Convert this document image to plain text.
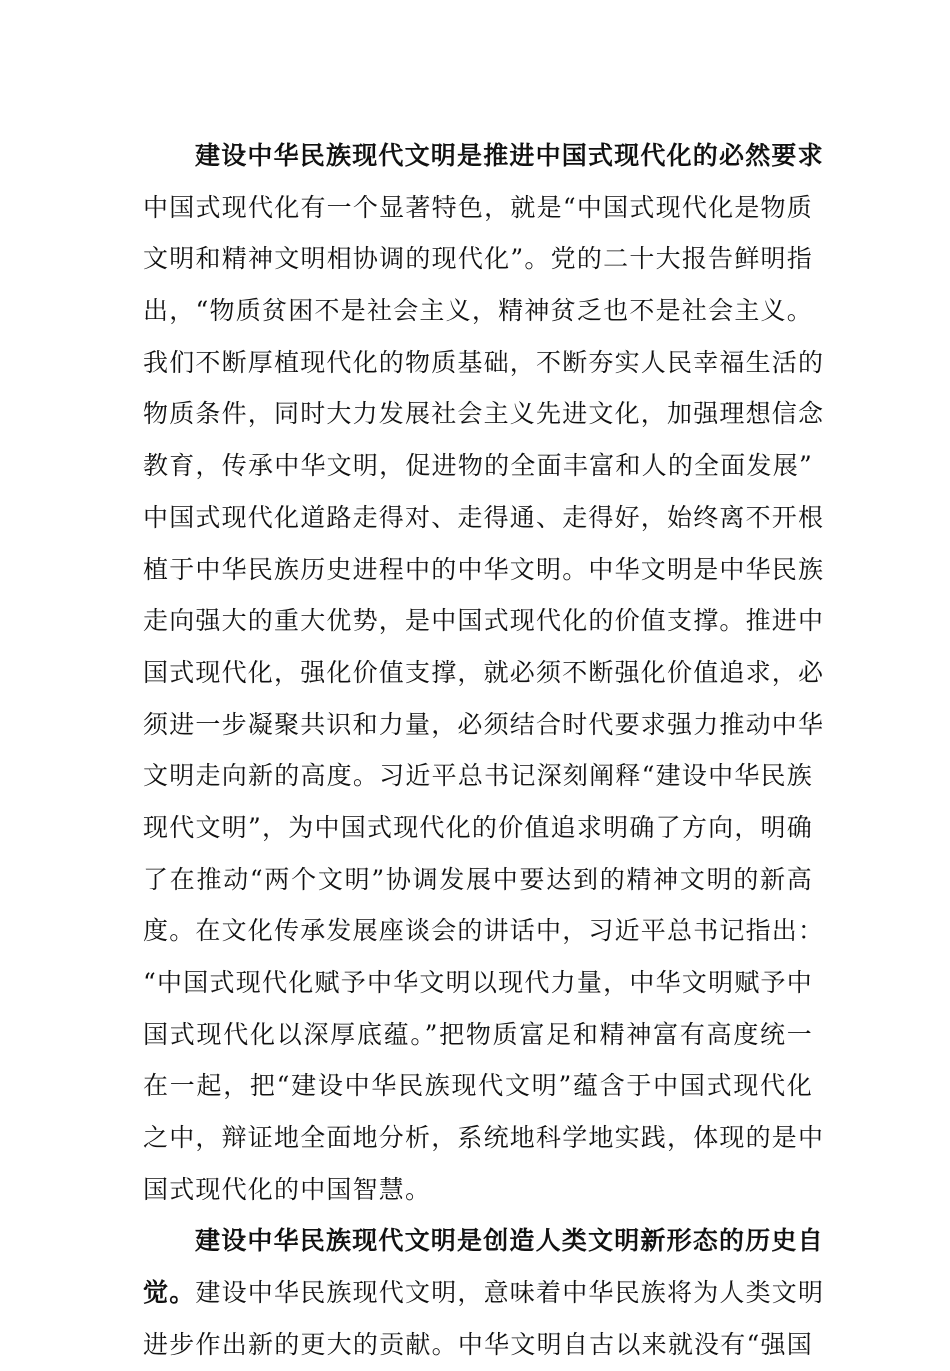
建设中华民族现代文明是推进中国式现代化的必然要求
中国式现代化有一个显著特色，就是“中国式现代化是物质
文明和精神文明相协调的现代化”。党的二十大报告鲜明指
出，“物质贫困不是社会主义，精神贫乏也不是社会主义。
我们不断厚植现代化的物质基础，不断夯实人民幸福生活的
物质条件，同时大力发展社会主义先进文化，加强理想信念
教育，传承中华文明，促进物的全面丰富和人的全面发展”
中国式现代化道路走得对、走得通、走得好，始终离不开根
植于中华民族历史进程中的中华文明。中华文明是中华民族
走向强大的重大优势，是中国式现代化的价值支撑。推进中
国式现代化，强化价值支撑，就必须不断强化价值追求，必
须进一步凝聚共识和力量，必须结合时代要求强力推动中华
文明走向新的高度。习近平总书记深刻阐释“建设中华民族
现代文明”，为中国式现代化的价值追求明确了方向，明确
了在推动“两个文明”协调发展中要达到的精神文明的新高
度。在文化传承发展座谈会的讲话中，习近平总书记指出：
“中国式现代化赋予中华文明以现代力量，中华文明赋予中
国式现代化以深厚底蕴。”把物质富足和精神富有高度统一
在一起，把“建设中华民族现代文明”蕴含于中国式现代化
之中，辩证地全面地分析，系统地科学地实践，体现的是中
国式现代化的中国智慧。
建设中华民族现代文明是创造人类文明新形态的历史自
觉。建设中华民族现代文明，意味着中华民族将为人类文明
进步作出新的更大的贡献。中华文明自古以来就没有“强国
